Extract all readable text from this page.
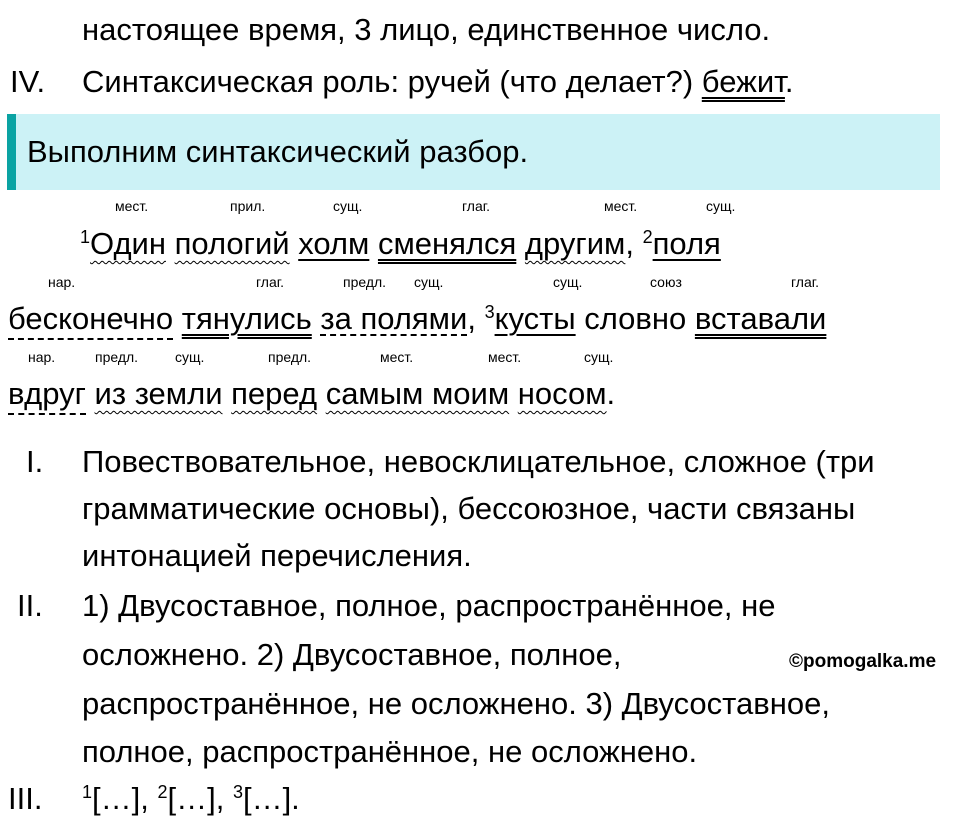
настоящее время, 3 лицо, единственное число.
IV. Синтаксическая роль: ручей (что делает?) бежит.
Выполним синтаксический разбор.
мест.	прил.	сущ.	глаг.	мест.	сущ.
$^1$Один пологий холм сменялся другим, $^2$поля
нар.	глаг.	предл. сущ.	сущ.	союз	глаг.
бесконечно тянулись за полями, $^3$кусты словно вставали
нар.	предл.	сущ.	предл.	мест.	мест.	сущ.
вдруг из земли перед самым моим носом.
I. Повествовательное, невосклицательное, сложное (три
грамматические основы), бессоюзное, части связаны
интонацией перечисления.
II. 1) Двусоставное, полное, распространённое, не
осложнено. 2) Двусоставное, полное,
распространённое, не осложнено. 3) Двусоставное,
полное, распространённое, не осложнено.
III. $^1$[…], $^2$[…], $^3$[…].
©pomogalka.me
